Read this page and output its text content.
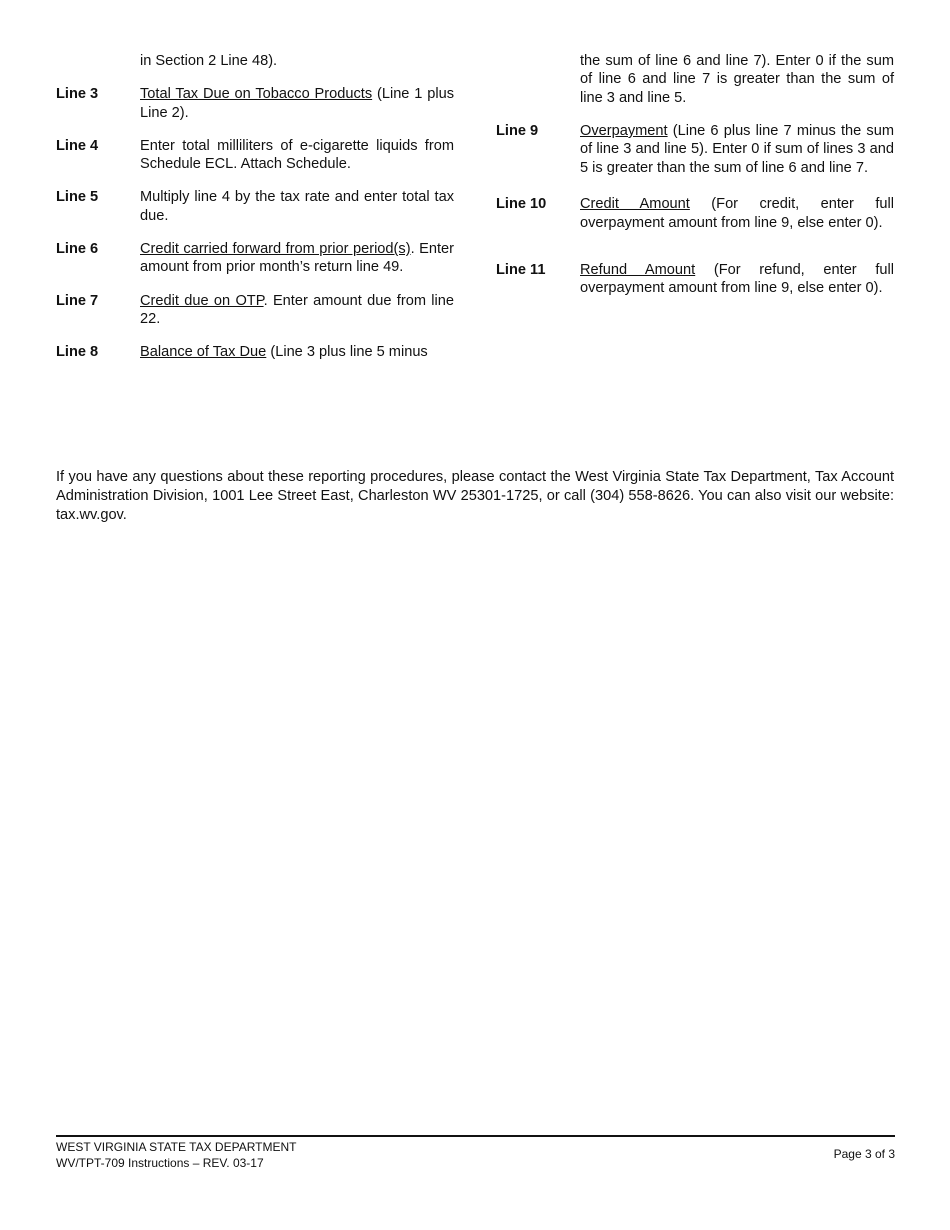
in Section 2 Line 48).
Line 3	Total Tax Due on Tobacco Products (Line 1 plus Line 2).
Line 4	Enter total milliliters of e-cigarette liquids from Schedule ECL. Attach Schedule.
Line 5	Multiply line 4 by the tax rate and enter total tax due.
Line 6	Credit carried forward from prior period(s). Enter amount from prior month’s return line 49.
Line 7	Credit due on OTP. Enter amount due from line 22.
Line 8	Balance of Tax Due (Line 3 plus line 5 minus
the sum of line 6 and line 7). Enter 0 if the sum of line 6 and line 7 is greater than the sum of line 3 and line 5.
Line 9	Overpayment (Line 6 plus line 7 minus the sum of line 3 and line 5). Enter 0 if sum of lines 3 and 5 is greater than the sum of line 6 and line 7.
Line 10	Credit Amount (For credit, enter full overpayment amount from line 9, else enter 0).
Line 11	Refund Amount (For refund, enter full overpayment amount from line 9, else enter 0).

If you have any questions about these reporting procedures, please contact the West Virginia State Tax Department, Tax Account Administration Division, 1001 Lee Street East, Charleston WV 25301-1725, or call (304) 558-8626. You can also visit our website: tax.wv.gov.

WEST VIRGINIA STATE TAX DEPARTMENT
WV/TPT-709 Instructions – REV. 03-17
Page 3 of 3
